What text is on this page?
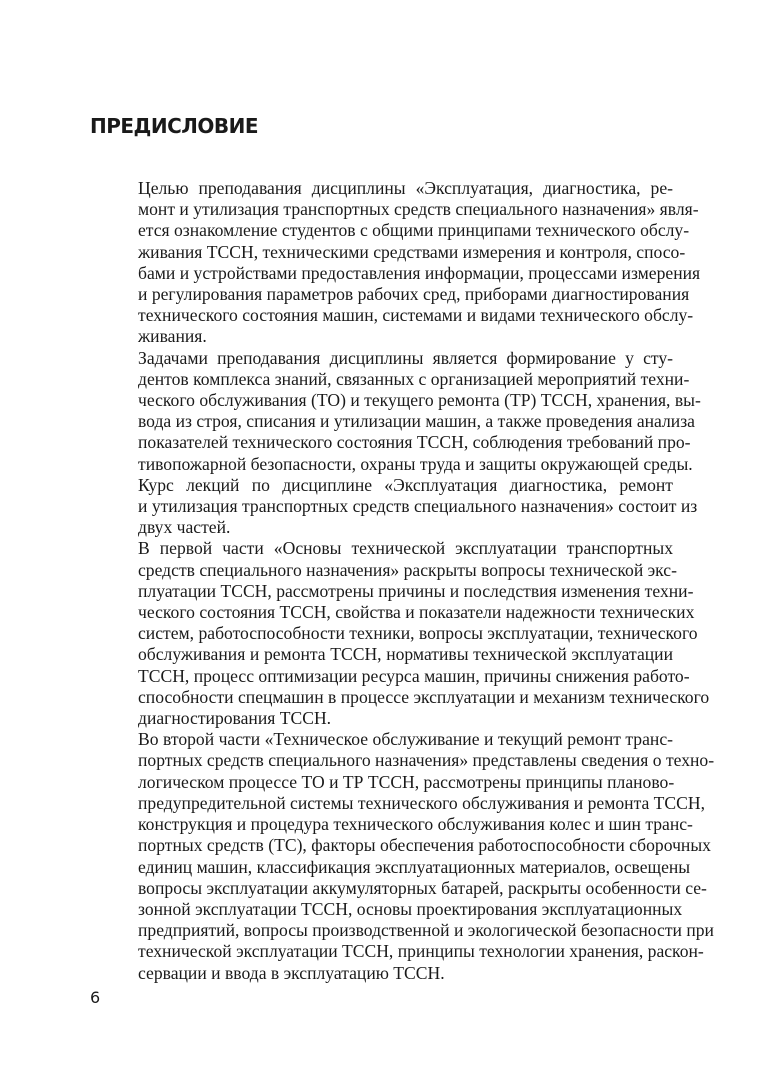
ПРЕДИСЛОВИЕ

Целью преподавания дисциплины «Эксплуатация, диагностика, ре-
монт и утилизация транспортных средств специального назначения» явля-
ется ознакомление студентов с общими принципами технического обслу-
живания ТССН, техническими средствами измерения и контроля, спосо-
бами и устройствами предоставления информации, процессами измерения
и регулирования параметров рабочих сред, приборами диагностирования
технического состояния машин, системами и видами технического обслу-
живания.

Задачами преподавания дисциплины является формирование у сту-
дентов комплекса знаний, связанных с организацией мероприятий техни-
ческого обслуживания (ТО) и текущего ремонта (ТР) ТССН, хранения, вы-
вода из строя, списания и утилизации машин, а также проведения анализа
показателей технического состояния ТССН, соблюдения требований про-
тивопожарной безопасности, охраны труда и защиты окружающей среды.

Курс лекций по дисциплине «Эксплуатация диагностика, ремонт
и утилизация транспортных средств специального назначения» состоит из
двух частей.

В первой части «Основы технической эксплуатации транспортных
средств специального назначения» раскрыты вопросы технической экс-
плуатации ТССН, рассмотрены причины и последствия изменения техни-
ческого состояния ТССН, свойства и показатели надежности технических
систем, работоспособности техники, вопросы эксплуатации, технического
обслуживания и ремонта ТССН, нормативы технической эксплуатации
ТССН, процесс оптимизации ресурса машин, причины снижения работо-
способности спецмашин в процессе эксплуатации и механизм технического
диагностирования ТССН.

Во второй части «Техническое обслуживание и текущий ремонт транс-
портных средств специального назначения» представлены сведения о техно-
логическом процессе ТО и ТР ТССН, рассмотрены принципы планово-
предупредительной системы технического обслуживания и ремонта ТССН,
конструкция и процедура технического обслуживания колес и шин транс-
портных средств (ТС), факторы обеспечения работоспособности сборочных
единиц машин, классификация эксплуатационных материалов, освещены
вопросы эксплуатации аккумуляторных батарей, раскрыты особенности се-
зонной эксплуатации ТССН, основы проектирования эксплуатационных
предприятий, вопросы производственной и экологической безопасности при
технической эксплуатации ТССН, принципы технологии хранения, раскон-
сервации и ввода в эксплуатацию ТССН.

6
